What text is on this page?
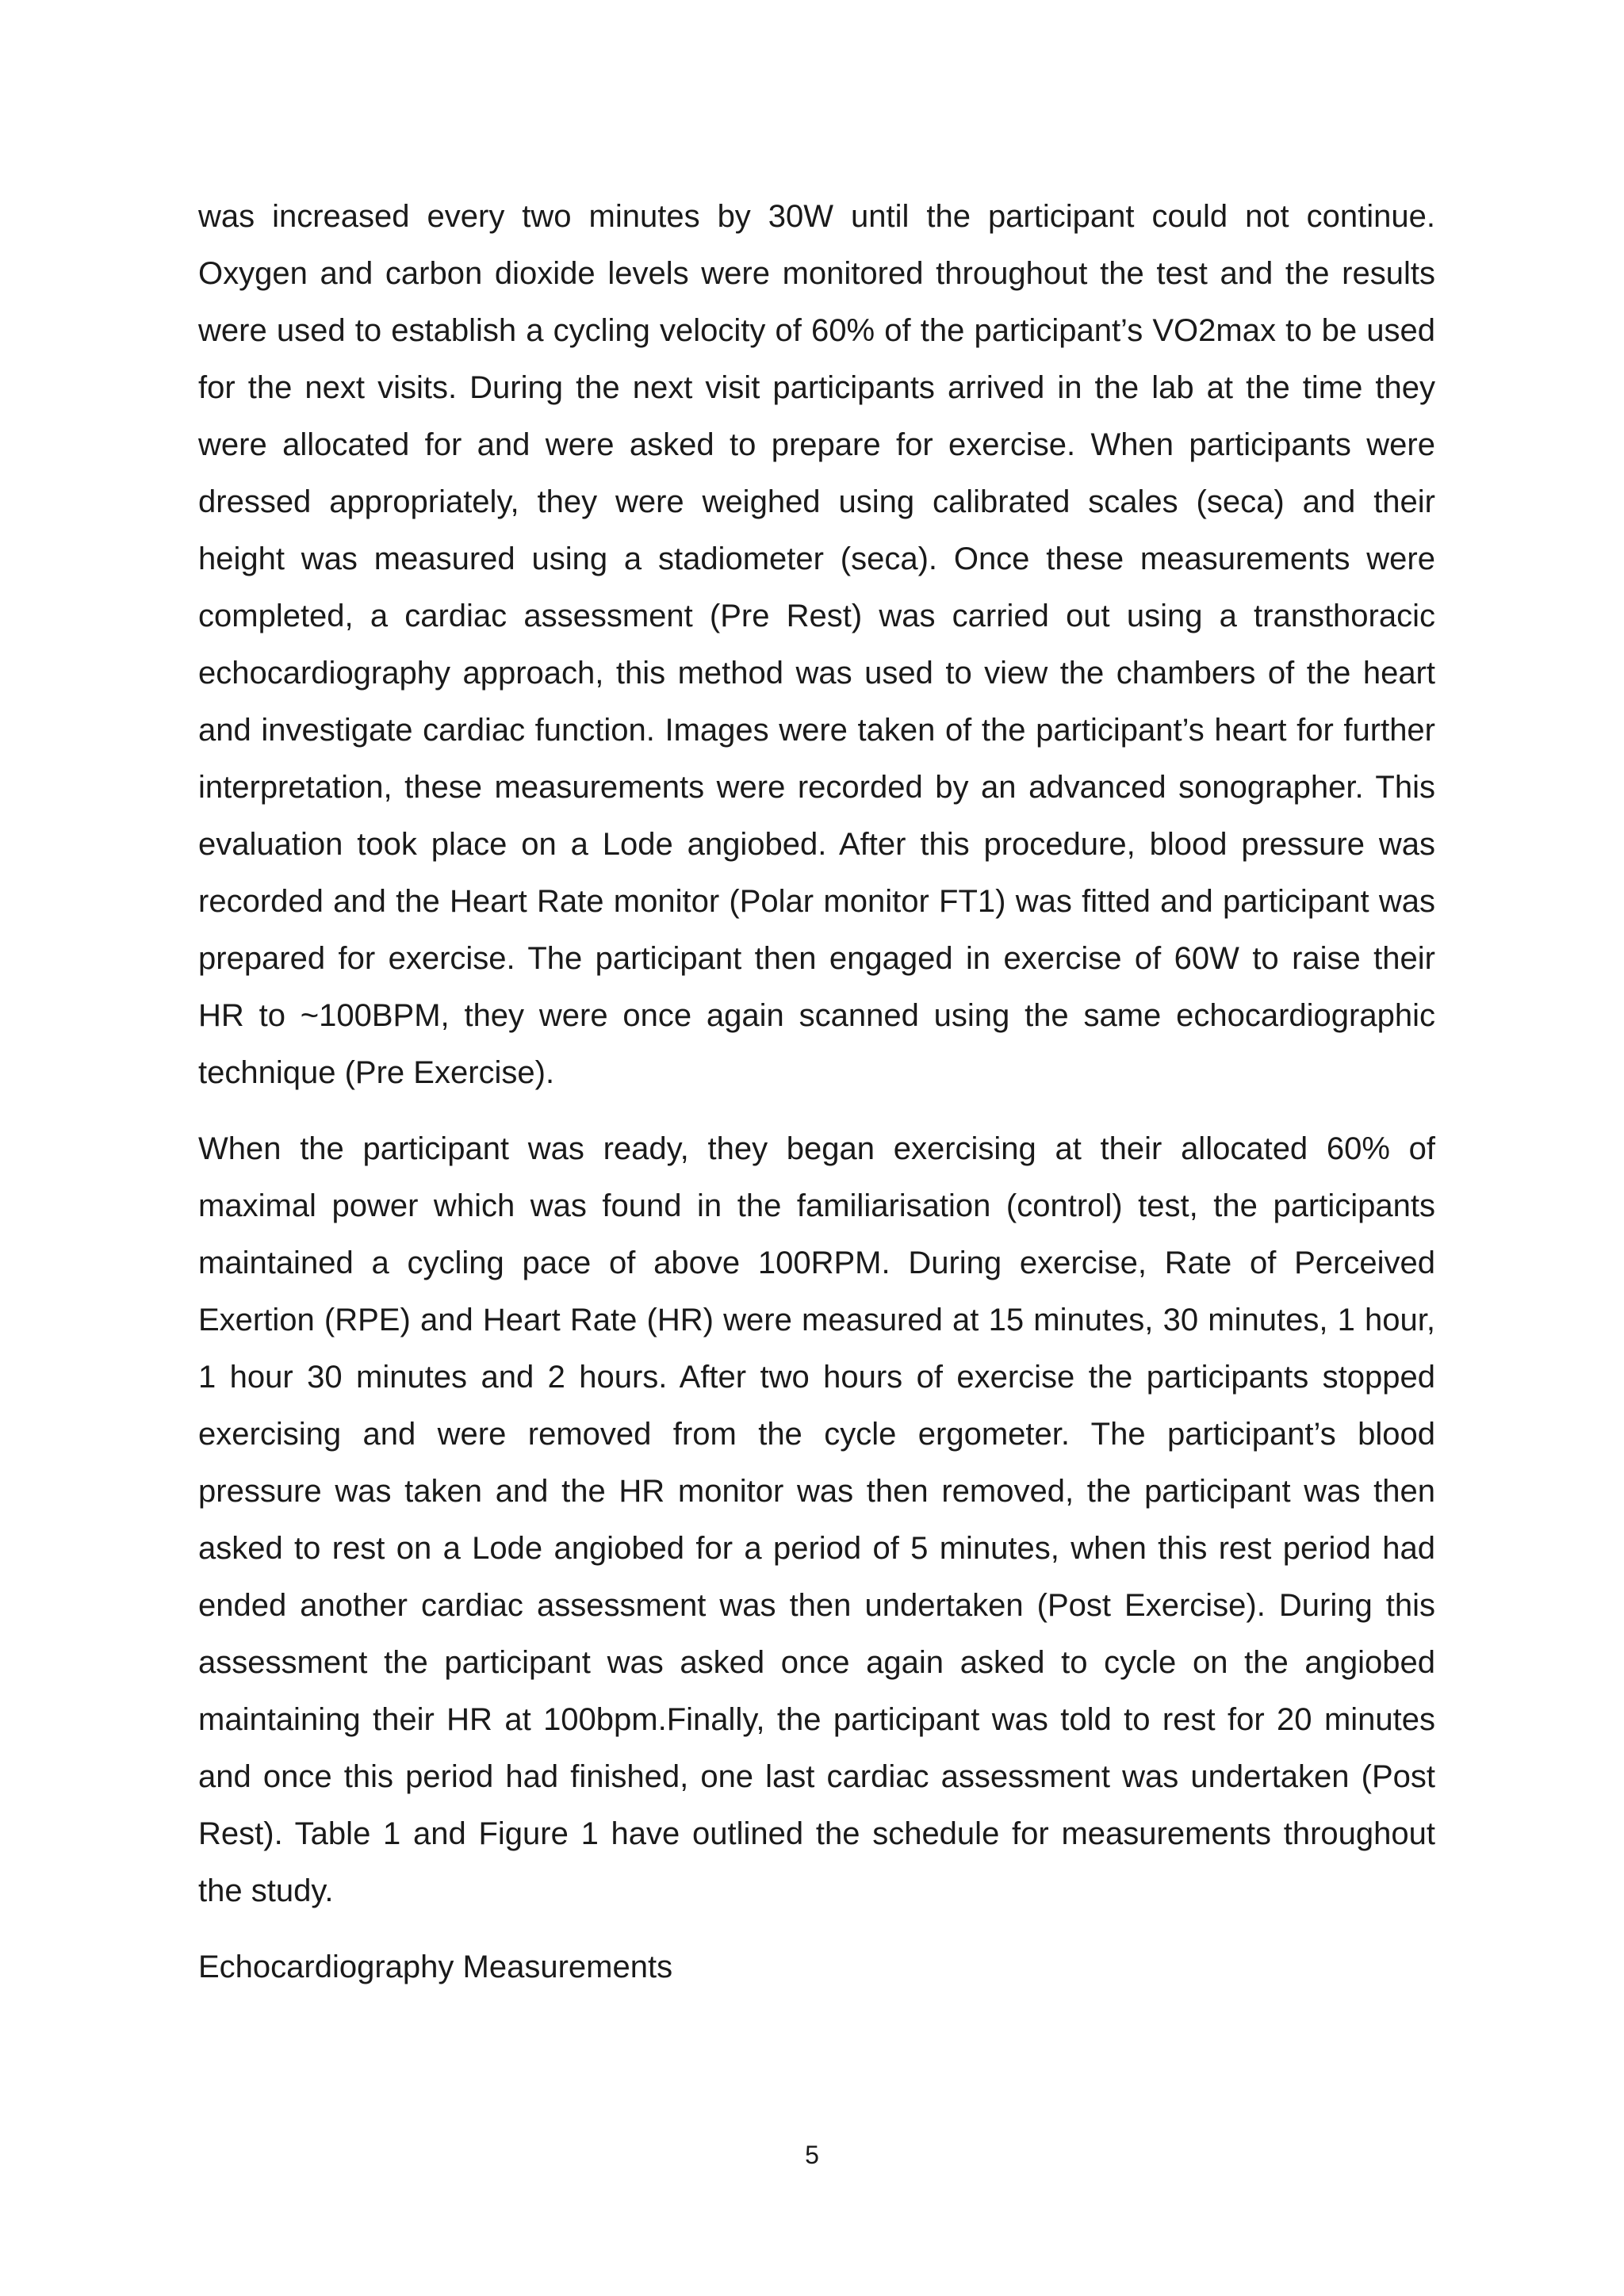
was increased every two minutes by 30W until the participant could not continue. Oxygen and carbon dioxide levels were monitored throughout the test and the results were used to establish a cycling velocity of 60% of the participant’s VO2max to be used for the next visits. During the next visit participants arrived in the lab at the time they were allocated for and were asked to prepare for exercise. When participants were dressed appropriately, they were weighed using calibrated scales (seca) and their height was measured using a stadiometer (seca). Once these measurements were completed, a cardiac assessment (Pre Rest) was carried out using a transthoracic echocardiography approach, this method was used to view the chambers of the heart and investigate cardiac function. Images were taken of the participant’s heart for further interpretation, these measurements were recorded by an advanced sonographer. This evaluation took place on a Lode angiobed. After this procedure, blood pressure was recorded and the Heart Rate monitor (Polar monitor FT1) was fitted and participant was prepared for exercise. The participant then engaged in exercise of 60W to raise their HR to ~100BPM, they were once again scanned using the same echocardiographic technique (Pre Exercise).

When the participant was ready, they began exercising at their allocated 60% of maximal power which was found in the familiarisation (control) test, the participants maintained a cycling pace of above 100RPM. During exercise, Rate of Perceived Exertion (RPE) and Heart Rate (HR) were measured at 15 minutes, 30 minutes, 1 hour, 1 hour 30 minutes and 2 hours. After two hours of exercise the participants stopped exercising and were removed from the cycle ergometer. The participant’s blood pressure was taken and the HR monitor was then removed, the participant was then asked to rest on a Lode angiobed for a period of 5 minutes, when this rest period had ended another cardiac assessment was then undertaken (Post Exercise). During this assessment the participant was asked once again asked to cycle on the angiobed maintaining their HR at 100bpm.Finally, the participant was told to rest for 20 minutes and once this period had finished, one last cardiac assessment was undertaken (Post Rest). Table 1 and Figure 1 have outlined the schedule for measurements throughout the study.

Echocardiography Measurements

5
